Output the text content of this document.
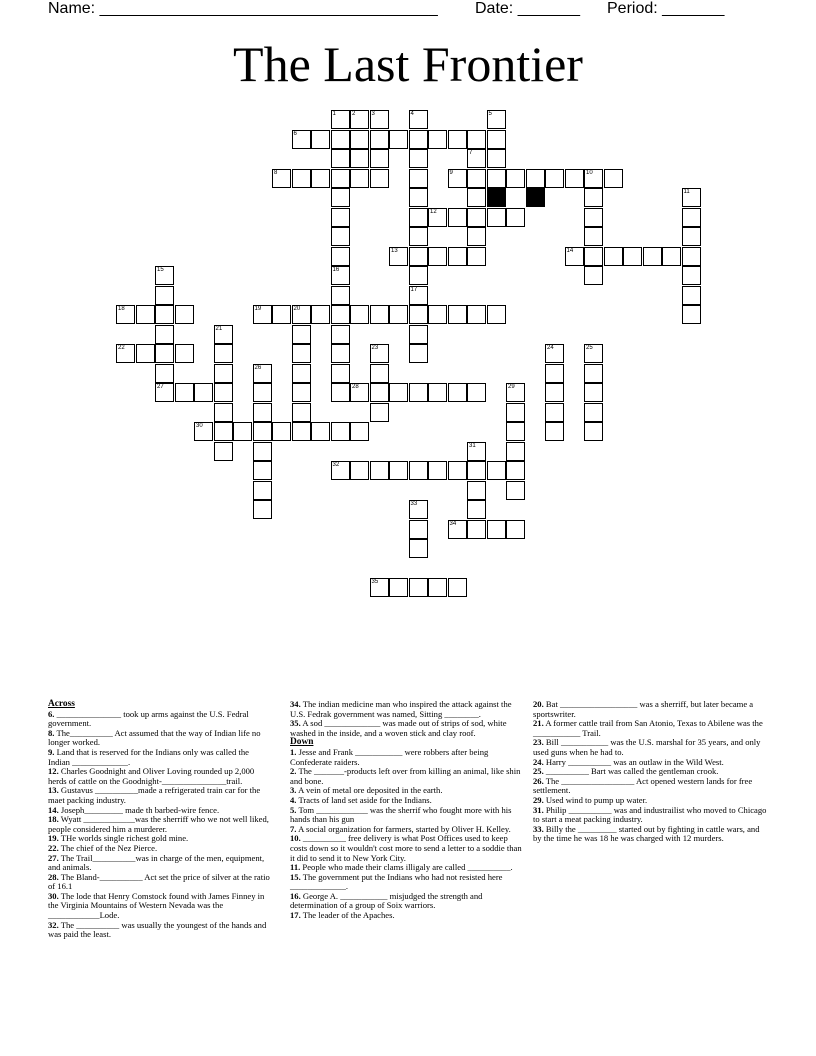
Name: ______________________________________ Date: _______ Period: _______
The Last Frontier
1	2	3	4
17
5
6
7
8	9	10
11
12
13	14
15
27
16
18	19	20
21
22	23	24	25
26
28	29
30
31
32
33
34
35
Across

6. _______________ took up arms against the U.S. Fedral government.

8. The__________ Act assumed that the way of Indian life no longer worked.

9. Land that is reserved for the Indians only was called the Indian _____________.

12. Charles Goodnight and Oliver Loving rounded up 2,000 herds of cattle on the Goodnight-_______________trail.

13. Gustavus __________made a refrigerated train car for the maet packing industry.

14. Joseph_________ made th barbed-wire fence.

18. Wyatt ____________was the sherriff who we not well liked, people considered him a murderer.

19. THe worlds single richest gold mine.

22. The chief of the Nez Pierce.

27. The Trail__________was in charge of the men, equipment, and animals.

28. The Bland-__________ Act set the price of silver at the ratio of 16.1

30. The lode that Henry Comstock found with James Finney in the Virginia Mountains of Western Nevada was the ____________Lode.

32. The __________ was usually the youngest of the hands and was paid the least.

34. The indian medicine man who inspired the attack against the U.S. Fedrak government was named, Sitting ________.

35. A sod _____________ was made out of strips of sod, white washed in the inside, and a woven stick and clay roof.

Down

1. Jesse and Frank ___________ were robbers after being Confederate raiders.

2. The _______-products left over from killing an animal, like shin and bone.

3. A vein of metal ore deposited in the earth.

4. Tracts of land set aside for the Indians.

5. Tom ____________ was the sherrif who fought more with his hands than his gun

7. A social organization for farmers, started by Oliver H. Kelley.

10. __________ free delivery is what Post Offices used to keep costs down so it wouldn't cost more to send a letter to a soddie than it did to send it to New York City.

11. People who made their clams illigaly are called __________.

15. The government put the Indians who had not resisted here _____________.

16. George A. ___________ misjudged the strength and determination of a group of Soix warriors.

17. The leader of the Apaches.

20. Bat __________________ was a sherriff, but later became a sportswriter.

21. A former cattle trail from San Atonio, Texas to Abilene was the ___________ Trail.

23. Bill ___________ was the U.S. marshal for 35 years, and only used guns when he had to.

24. Harry __________ was an outlaw in the Wild West.

25. __________ Bart was called the gentleman crook.

26. The _________________ Act opened western lands for free settlement.

29. Used wind to pump up water.

31. Philip __________ was and industrailist who moved to Chicago to start a meat packing industry.

33. Billy the _________ started out by fighting in cattle wars, and by the time he was 18 he was charged with 12 murders.
